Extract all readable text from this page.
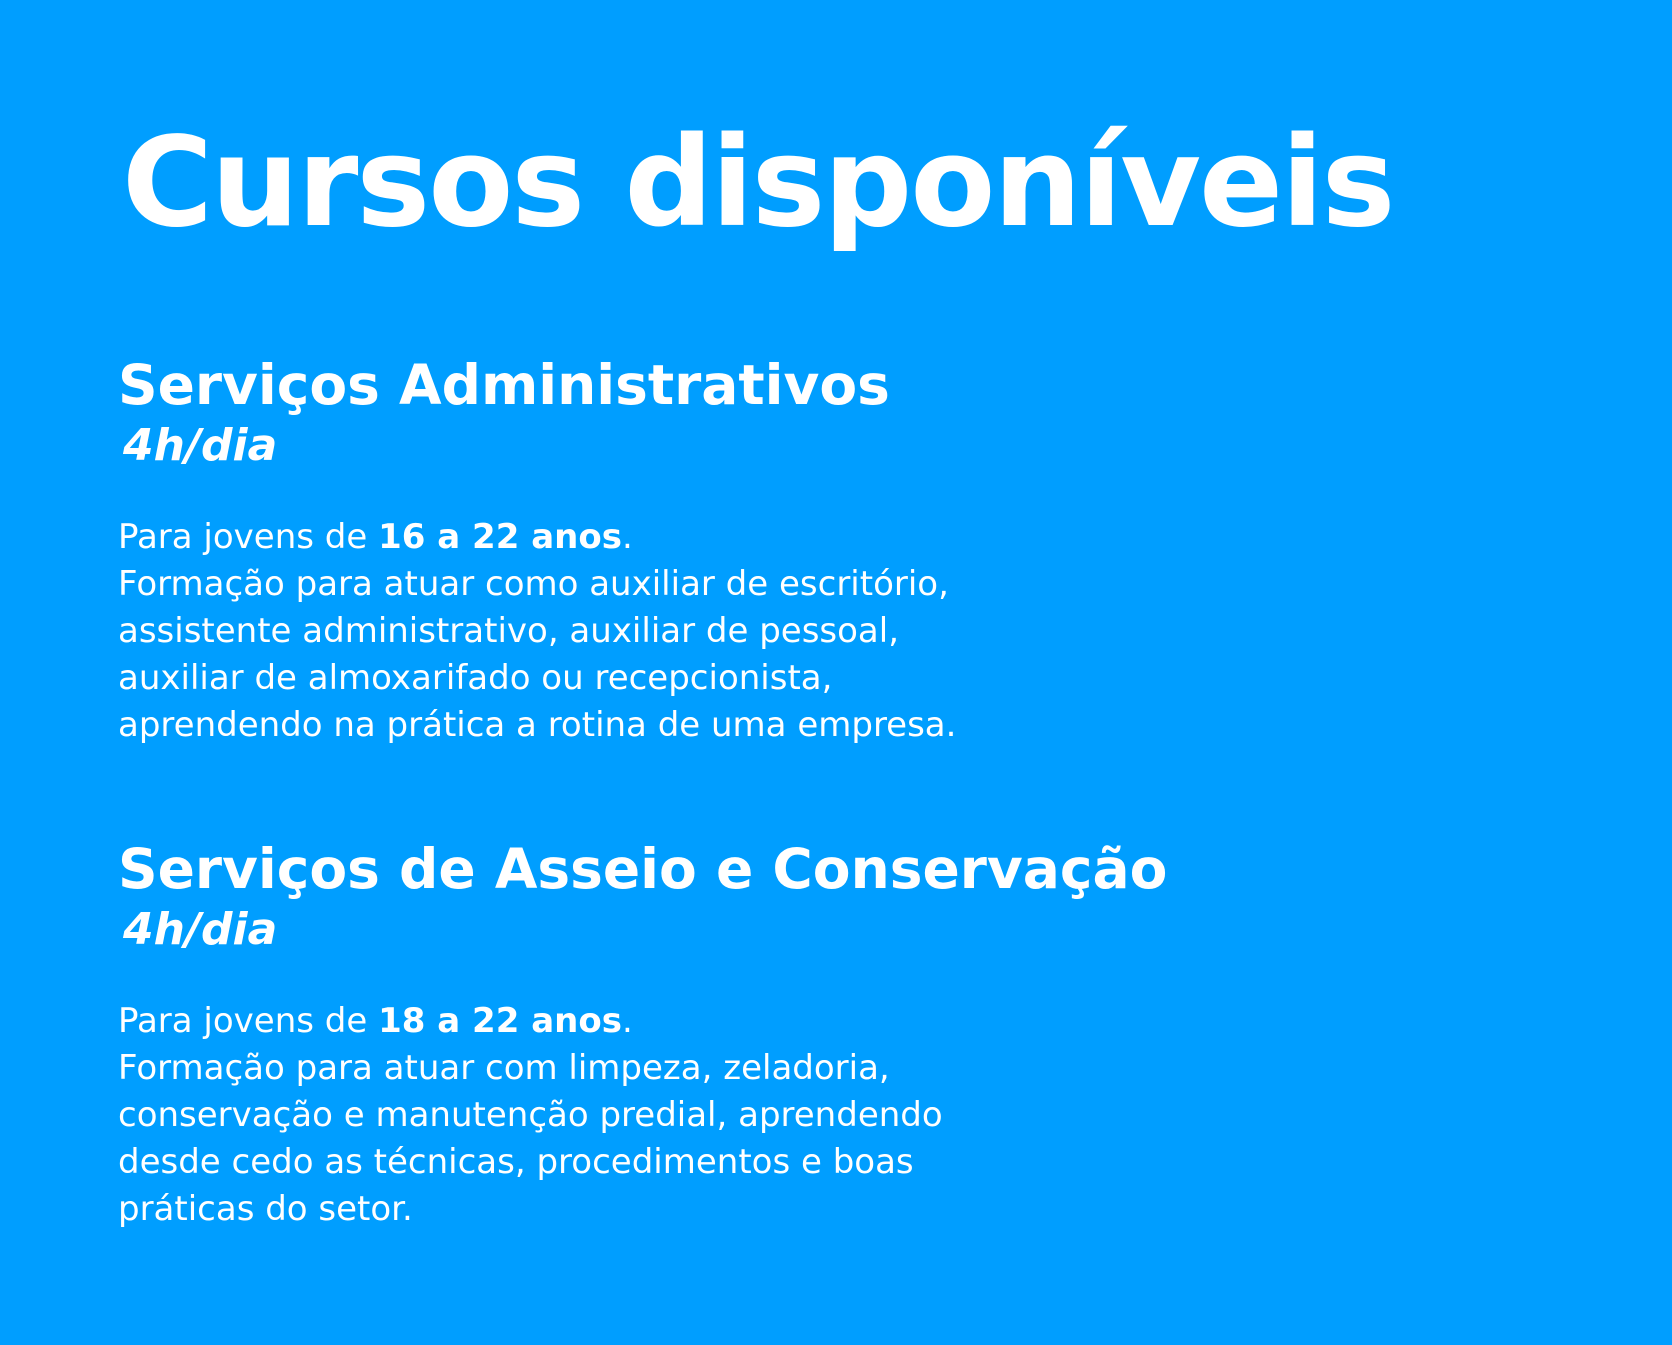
Cursos disponíveis
Serviços Administrativos
4h/dia

Para jovens de 16 a 22 anos.

Formação para atuar como auxiliar de escritório,

assistente administrativo, auxiliar de pessoal,

auxiliar de almoxarifado ou recepcionista,

aprendendo na prática a rotina de uma empresa.

Serviços de Asseio e Conservação
4h/dia

Para jovens de 18 a 22 anos.

Formação para atuar com limpeza, zeladoria,

conservação e manutenção predial, aprendendo

desde cedo as técnicas, procedimentos e boas

práticas do setor.
